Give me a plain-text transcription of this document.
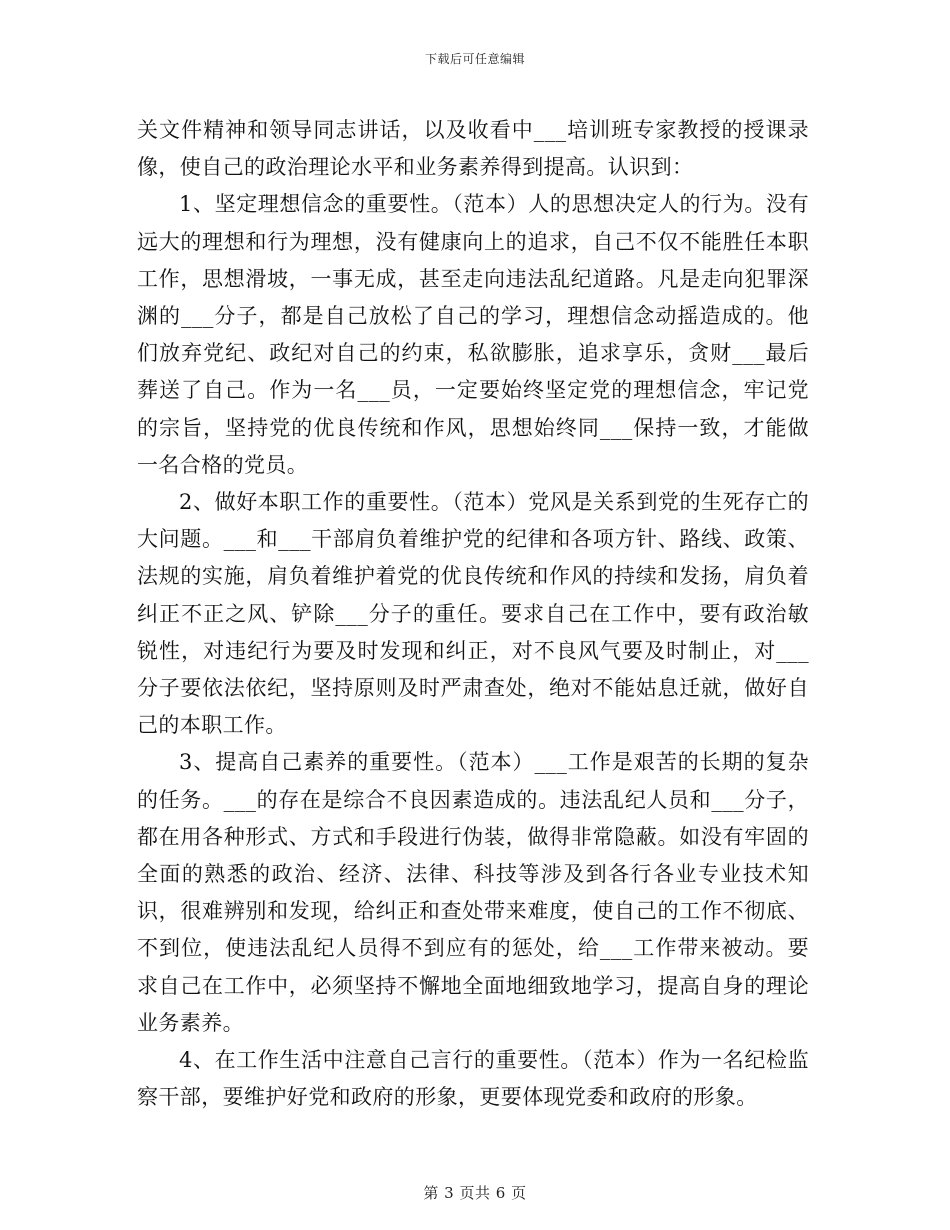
下载后可任意编辑

关文件精神和领导同志讲话，以及收看中___培训班专家教授的授课录像，使自己的政治理论水平和业务素养得到提高。认识到：

1、坚定理想信念的重要性。（范本）人的思想决定人的行为。没有远大的理想和行为理想，没有健康向上的追求，自己不仅不能胜任本职工作，思想滑坡，一事无成，甚至走向违法乱纪道路。凡是走向犯罪深渊的___分子，都是自己放松了自己的学习，理想信念动摇造成的。他们放弃党纪、政纪对自己的约束，私欲膨胀，追求享乐，贪财___最后葬送了自己。作为一名___员，一定要始终坚定党的理想信念，牢记党的宗旨，坚持党的优良传统和作风，思想始终同___保持一致，才能做一名合格的党员。

2、做好本职工作的重要性。（范本）党风是关系到党的生死存亡的大问题。___和___干部肩负着维护党的纪律和各项方针、路线、政策、法规的实施，肩负着维护着党的优良传统和作风的持续和发扬，肩负着纠正不正之风、铲除___分子的重任。要求自己在工作中，要有政治敏锐性，对违纪行为要及时发现和纠正，对不良风气要及时制止，对___分子要依法依纪，坚持原则及时严肃查处，绝对不能姑息迁就，做好自己的本职工作。

3、提高自己素养的重要性。（范本）___工作是艰苦的长期的复杂的任务。___的存在是综合不良因素造成的。违法乱纪人员和___分子，都在用各种形式、方式和手段进行伪装，做得非常隐蔽。如没有牢固的全面的熟悉的政治、经济、法律、科技等涉及到各行各业专业技术知识，很难辨别和发现，给纠正和查处带来难度，使自己的工作不彻底、不到位，使违法乱纪人员得不到应有的惩处，给___工作带来被动。要求自己在工作中，必须坚持不懈地全面地细致地学习，提高自身的理论业务素养。

4、在工作生活中注意自己言行的重要性。（范本）作为一名纪检监察干部，要维护好党和政府的形象，更要体现党委和政府的形象。

第 3 页共 6 页
